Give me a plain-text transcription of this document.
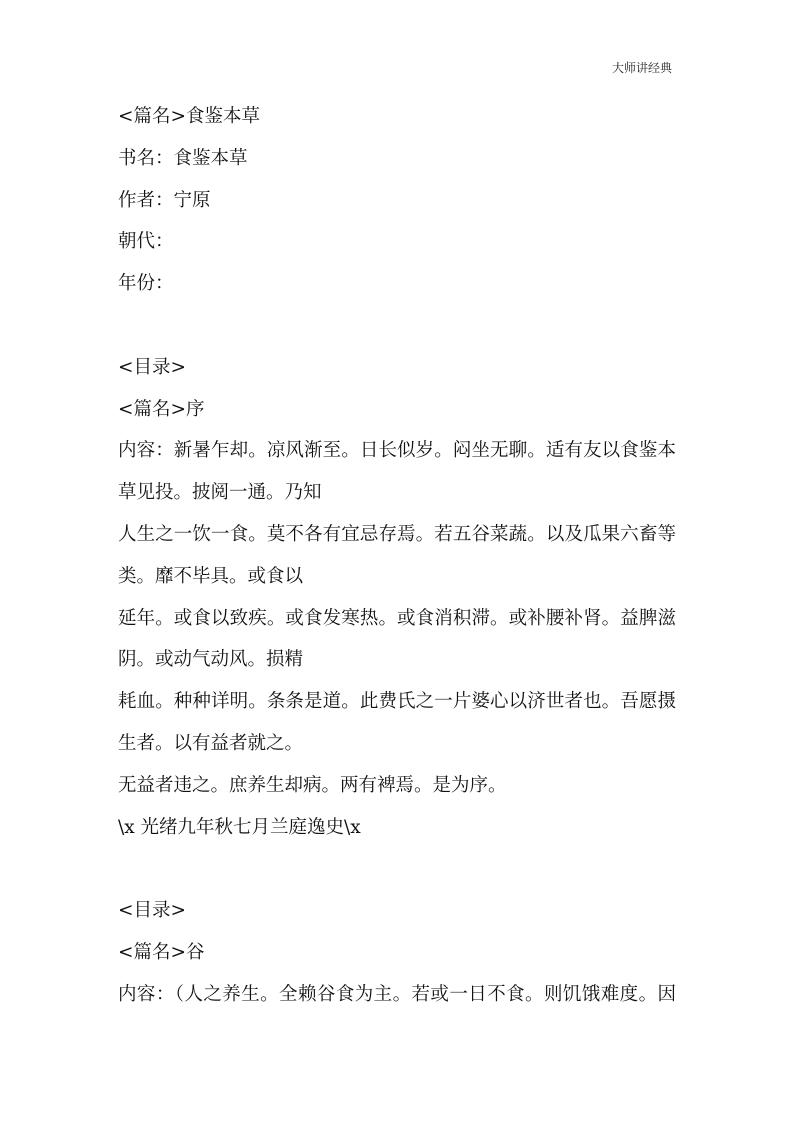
大师讲经典
<篇名>食鉴本草
书名：食鉴本草
作者：宁原
朝代：
年份：
<目录>
<篇名>序
内容：新暑乍却。凉风渐至。日长似岁。闷坐无聊。适有友以食鉴本
草见投。披阅一通。乃知
人生之一饮一食。莫不各有宜忌存焉。若五谷菜蔬。以及瓜果六畜等
类。靡不毕具。或食以
延年。或食以致疾。或食发寒热。或食消积滞。或补腰补肾。益脾滋
阴。或动气动风。损精
耗血。种种详明。条条是道。此费氏之一片婆心以济世者也。吾愿摄
生者。以有益者就之。
无益者违之。庶养生却病。两有裨焉。是为序。
\x 光绪九年秋七月兰庭逸史\x
<目录>
<篇名>谷
内容：（人之养生。全赖谷食为主。若或一日不食。则饥饿难度。因
